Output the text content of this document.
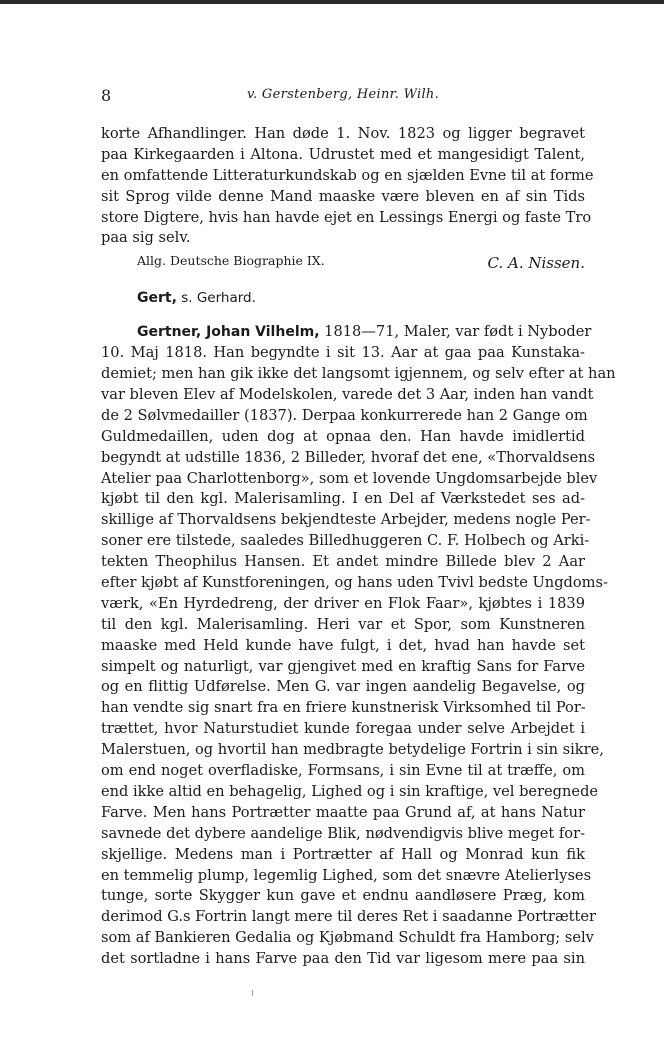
8	v. Gerstenberg, Heinr. Wilh.
korte Afhandlinger. Han døde 1. Nov. 1823 og ligger begravet
paa Kirkegaarden i Altona. Udrustet med et mangesidigt Talent,
en omfattende Litteraturkundskab og en sjælden Evne til at forme
sit Sprog vilde denne Mand maaske være bleven en af sin Tids
store Digtere, hvis han havde ejet en Lessings Energi og faste Tro
paa sig selv.
Allg. Deutsche Biographie IX.	C. A. Nissen.
Gert, s. Gerhard.
Gertner, Johan Vilhelm, 1818—71, Maler, var født i Nyboder
10. Maj 1818. Han begyndte i sit 13. Aar at gaa paa Kunstaka-
demiet; men han gik ikke det langsomt igjennem, og selv efter at han
var bleven Elev af Modelskolen, varede det 3 Aar, inden han vandt
de 2 Sølvmedailler (1837). Derpaa konkurrerede han 2 Gange om
Guldmedaillen, uden dog at opnaa den. Han havde imidlertid
begyndt at udstille 1836, 2 Billeder, hvoraf det ene, «Thorvaldsens
Atelier paa Charlottenborg», som et lovende Ungdomsarbejde blev
kjøbt til den kgl. Malerisamling. I en Del af Værkstedet ses ad-
skillige af Thorvaldsens bekjendteste Arbejder, medens nogle Per-
soner ere tilstede, saaledes Billedhuggeren C. F. Holbech og Arki-
tekten Theophilus Hansen. Et andet mindre Billede blev 2 Aar
efter kjøbt af Kunstforeningen, og hans uden Tvivl bedste Ungdoms-
værk, «En Hyrdedreng, der driver en Flok Faar», kjøbtes i 1839
til den kgl. Malerisamling. Heri var et Spor, som Kunstneren
maaske med Held kunde have fulgt, i det, hvad han havde set
simpelt og naturligt, var gjengivet med en kraftig Sans for Farve
og en flittig Udførelse. Men G. var ingen aandelig Begavelse, og
han vendte sig snart fra en friere kunstnerisk Virksomhed til Por-
trættet, hvor Naturstudiet kunde foregaa under selve Arbejdet i
Malerstuen, og hvortil han medbragte betydelige Fortrin i sin sikre,
om end noget overfladiske, Formsans, i sin Evne til at træffe, om
end ikke altid en behagelig, Lighed og i sin kraftige, vel beregnede
Farve. Men hans Portrætter maatte paa Grund af, at hans Natur
savnede det dybere aandelige Blik, nødvendigvis blive meget for-
skjellige. Medens man i Portrætter af Hall og Monrad kun fik
en temmelig plump, legemlig Lighed, som det snævre Atelierlyses
tunge, sorte Skygger kun gave et endnu aandløsere Præg, kom
derimod G.s Fortrin langt mere til deres Ret i saadanne Portrætter
som af Bankieren Gedalia og Kjøbmand Schuldt fra Hamborg; selv
det sortladne i hans Farve paa den Tid var ligesom mere paa sin
